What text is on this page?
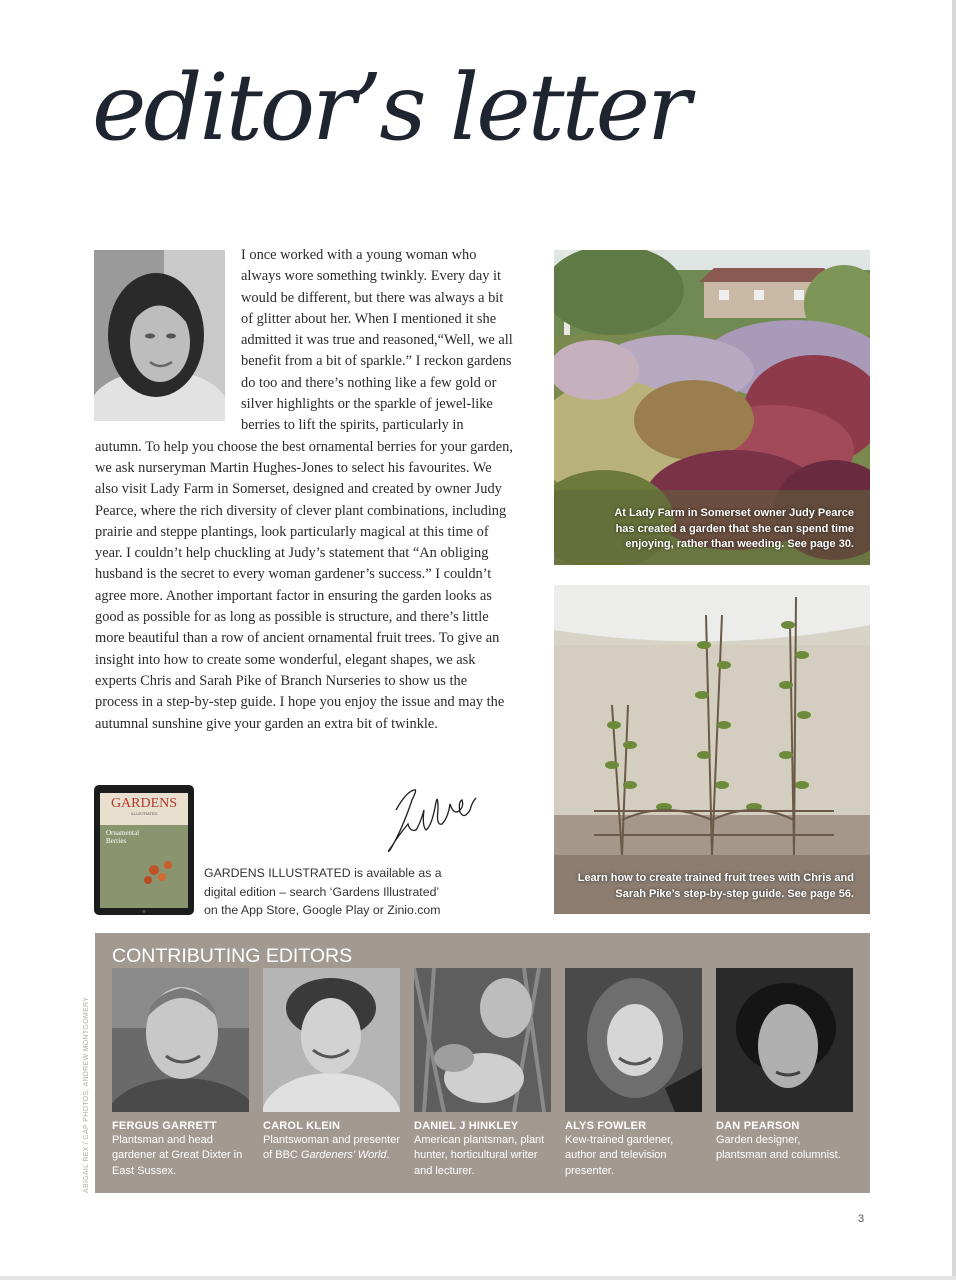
editor’s letter

I once worked with a young woman who always wore something twinkly. Every day it would be different, but there was always a bit of glitter about her. When I mentioned it she admitted it was true and reasoned,“Well, we all benefit from a bit of sparkle.” I reckon gardens do too and there’s nothing like a few gold or silver highlights or the sparkle of jewel-like berries to lift the spirits, particularly in autumn. To help you choose the best ornamental berries for your garden, we ask nurseryman Martin Hughes-Jones to select his favourites. We also visit Lady Farm in Somerset, designed and created by owner Judy Pearce, where the rich diversity of clever plant combinations, including prairie and steppe plantings, look particularly magical at this time of year. I couldn’t help chuckling at Judy’s statement that “An obliging husband is the secret to every woman gardener’s success.” I couldn’t agree more. Another important factor in ensuring the garden looks as good as possible for as long as possible is structure, and there’s little more beautiful than a row of ancient ornamental fruit trees. To give an insight into how to create some wonderful, elegant shapes, we ask experts Chris and Sarah Pike of Branch Nurseries to show us the process in a step-by-step guide. I hope you enjoy the issue and may the autumnal sunshine give your garden an extra bit of twinkle.

At Lady Farm in Somerset owner Judy Pearce has created a garden that she can spend time enjoying, rather than weeding. See page 30.
Learn how to create trained fruit trees with Chris and Sarah Pike’s step-by-step guide. See page 56.
GARDENS
ILLUSTRATED
Ornamental
Berries
GARDENS ILLUSTRATED is available as a digital edition – search ‘Gardens Illustrated’ on the App Store, Google Play or Zinio.com
CONTRIBUTING EDITORS
FERGUS GARRETT
Plantsman and head gardener at Great Dixter in East Sussex.
CAROL KLEIN
Plantswoman and presenter of BBC Gardeners’ World.
DANIEL J HINKLEY
American plantsman, plant hunter, horticultural writer and lecturer.
ALYS FOWLER
Kew-trained gardener, author and television presenter.
DAN PEARSON
Garden designer, plantsman and columnist.
ABIGAIL REX / GAP PHOTOS; ANDREW MONTGOMERY
3
